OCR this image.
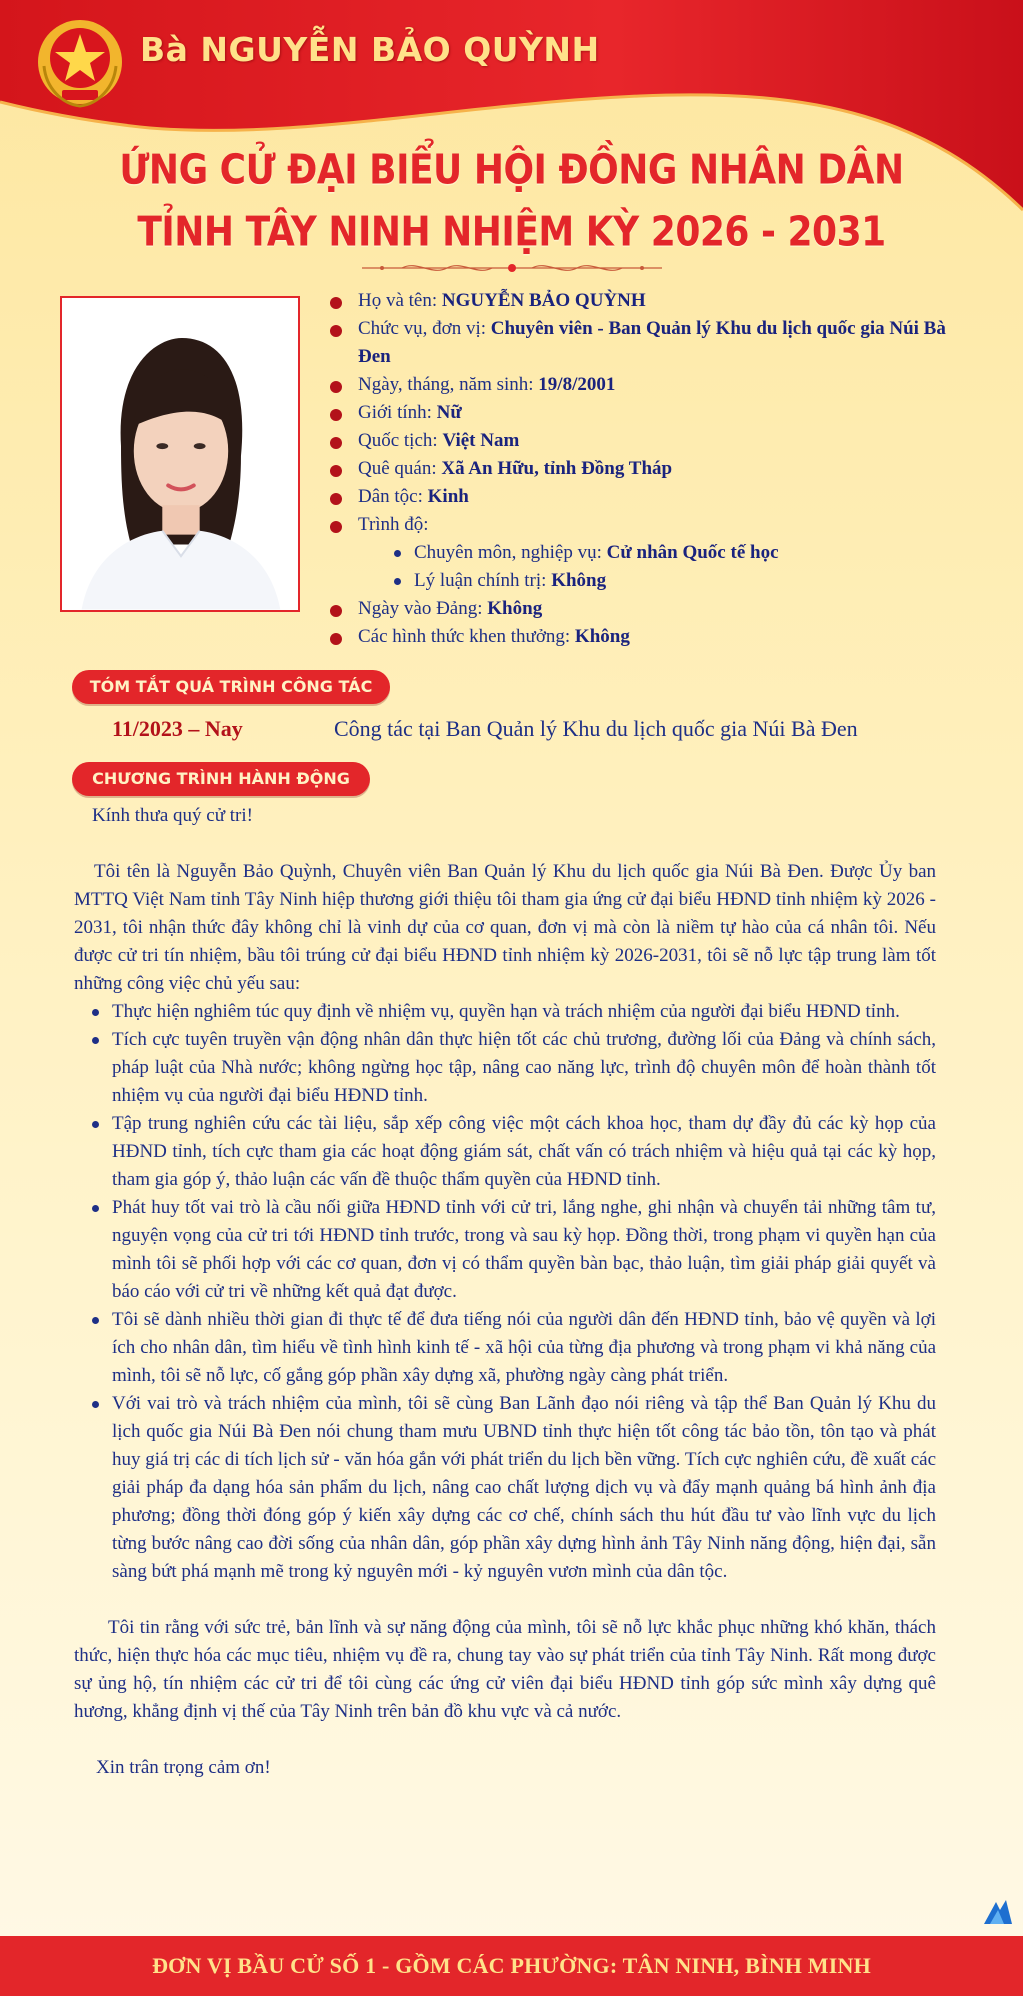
Bà NGUYỄN BẢO QUỲNH
ỨNG CỬ ĐẠI BIỂU HỘI ĐỒNG NHÂN DÂN
TỈNH TÂY NINH NHIỆM KỲ 2026 - 2031
Họ và tên: NGUYỄN BẢO QUỲNH
Chức vụ, đơn vị: Chuyên viên - Ban Quản lý Khu du lịch quốc gia Núi Bà Đen
Ngày, tháng, năm sinh: 19/8/2001
Giới tính: Nữ
Quốc tịch: Việt Nam
Quê quán: Xã An Hữu, tỉnh Đồng Tháp
Dân tộc: Kinh
Trình độ:
Chuyên môn, nghiệp vụ: Cử nhân Quốc tế học
Lý luận chính trị: Không
Ngày vào Đảng: Không
Các hình thức khen thưởng: Không
TÓM TẮT QUÁ TRÌNH CÔNG TÁC
11/2023 – Nay	Công tác tại Ban Quản lý Khu du lịch quốc gia Núi Bà Đen
CHƯƠNG TRÌNH HÀNH ĐỘNG

Kính thưa quý cử tri!

Tôi tên là Nguyễn Bảo Quỳnh, Chuyên viên Ban Quản lý Khu du lịch quốc gia Núi Bà Đen. Được Ủy ban MTTQ Việt Nam tỉnh Tây Ninh hiệp thương giới thiệu tôi tham gia ứng cử đại biểu HĐND tỉnh nhiệm kỳ 2026 - 2031, tôi nhận thức đây không chỉ là vinh dự của cơ quan, đơn vị mà còn là niềm tự hào của cá nhân tôi. Nếu được cử tri tín nhiệm, bầu tôi trúng cử đại biểu HĐND tỉnh nhiệm kỳ 2026-2031, tôi sẽ nỗ lực tập trung làm tốt những công việc chủ yếu sau:

Thực hiện nghiêm túc quy định về nhiệm vụ, quyền hạn và trách nhiệm của người đại biểu HĐND tỉnh.
Tích cực tuyên truyền vận động nhân dân thực hiện tốt các chủ trương, đường lối của Đảng và chính sách, pháp luật của Nhà nước; không ngừng học tập, nâng cao năng lực, trình độ chuyên môn để hoàn thành tốt nhiệm vụ của người đại biểu HĐND tỉnh.
Tập trung nghiên cứu các tài liệu, sắp xếp công việc một cách khoa học, tham dự đầy đủ các kỳ họp của HĐND tỉnh, tích cực tham gia các hoạt động giám sát, chất vấn có trách nhiệm và hiệu quả tại các kỳ họp, tham gia góp ý, thảo luận các vấn đề thuộc thẩm quyền của HĐND tỉnh.
Phát huy tốt vai trò là cầu nối giữa HĐND tỉnh với cử tri, lắng nghe, ghi nhận và chuyển tải những tâm tư, nguyện vọng của cử tri tới HĐND tỉnh trước, trong và sau kỳ họp. Đồng thời, trong phạm vi quyền hạn của mình tôi sẽ phối hợp với các cơ quan, đơn vị có thẩm quyền bàn bạc, thảo luận, tìm giải pháp giải quyết và báo cáo với cử tri về những kết quả đạt được.
Tôi sẽ dành nhiều thời gian đi thực tế để đưa tiếng nói của người dân đến HĐND tỉnh, bảo vệ quyền và lợi ích cho nhân dân, tìm hiểu về tình hình kinh tế - xã hội của từng địa phương và trong phạm vi khả năng của mình, tôi sẽ nỗ lực, cố gắng góp phần xây dựng xã, phường ngày càng phát triển.
Với vai trò và trách nhiệm của mình, tôi sẽ cùng Ban Lãnh đạo nói riêng và tập thể Ban Quản lý Khu du lịch quốc gia Núi Bà Đen nói chung tham mưu UBND tỉnh thực hiện tốt công tác bảo tồn, tôn tạo và phát huy giá trị các di tích lịch sử - văn hóa gắn với phát triển du lịch bền vững. Tích cực nghiên cứu, đề xuất các giải pháp đa dạng hóa sản phẩm du lịch, nâng cao chất lượng dịch vụ và đẩy mạnh quảng bá hình ảnh địa phương; đồng thời đóng góp ý kiến xây dựng các cơ chế, chính sách thu hút đầu tư vào lĩnh vực du lịch từng bước nâng cao đời sống của nhân dân, góp phần xây dựng hình ảnh Tây Ninh năng động, hiện đại, sẵn sàng bứt phá mạnh mẽ trong kỷ nguyên mới - kỷ nguyên vươn mình của dân tộc.

Tôi tin rằng với sức trẻ, bản lĩnh và sự năng động của mình, tôi sẽ nỗ lực khắc phục những khó khăn, thách thức, hiện thực hóa các mục tiêu, nhiệm vụ đề ra, chung tay vào sự phát triển của tỉnh Tây Ninh. Rất mong được sự ủng hộ, tín nhiệm các cử tri để tôi cùng các ứng cử viên đại biểu HĐND tỉnh góp sức mình xây dựng quê hương, khẳng định vị thế của Tây Ninh trên bản đồ khu vực và cả nước.

Xin trân trọng cảm ơn!

ĐƠN VỊ BẦU CỬ SỐ 1 - GỒM CÁC PHƯỜNG: TÂN NINH, BÌNH MINH
